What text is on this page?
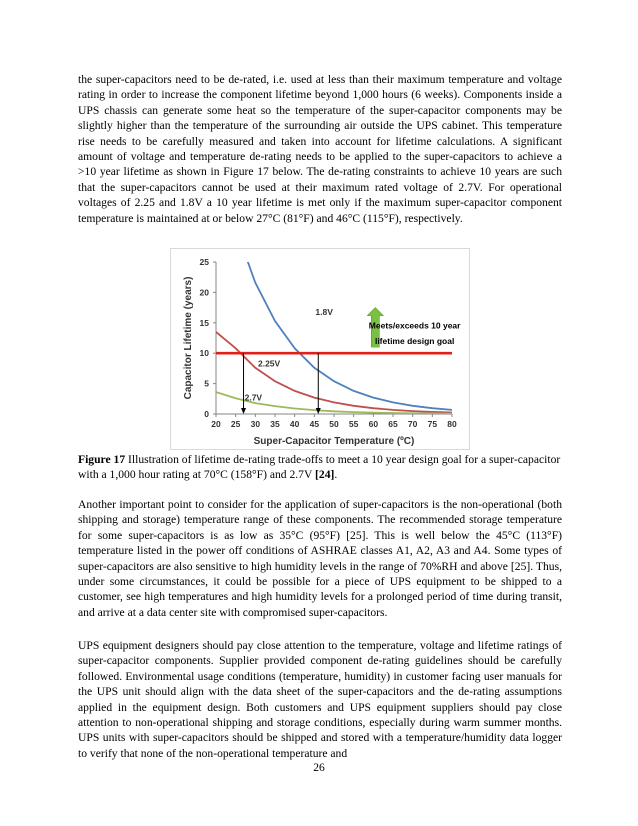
the super-capacitors need to be de-rated, i.e. used at less than their maximum temperature and voltage rating in order to increase the component lifetime beyond 1,000 hours (6 weeks). Components inside a UPS chassis can generate some heat so the temperature of the super-capacitor components may be slightly higher than the temperature of the surrounding air outside the UPS cabinet. This temperature rise needs to be carefully measured and taken into account for lifetime calculations. A significant amount of voltage and temperature de-rating needs to be applied to the super-capacitors to achieve a >10 year lifetime as shown in Figure 17 below. The de-rating constraints to achieve 10 years are such that the super-capacitors cannot be used at their maximum rated voltage of 2.7V. For operational voltages of 2.25 and 1.8V a 10 year lifetime is met only if the maximum super-capacitor component temperature is maintained at or below 27°C (81°F) and 46°C (115°F), respectively.

0
5
10
15
20
25
20 25 30 35 40 45 50 55 60 65 70 75 80
1.8V
2.25V
2.7V
Meets/exceeds 10 year
lifetime design goal
Capacitor Lifetime (years)
Super-Capacitor Temperature (ºC)

Figure 17 Illustration of lifetime de-rating trade-offs to meet a 10 year design goal for a super-capacitor with a 1,000 hour rating at 70°C (158°F) and 2.7V [24].

Another important point to consider for the application of super-capacitors is the non-operational (both shipping and storage) temperature range of these components. The recommended storage temperature for some super-capacitors is as low as 35°C (95°F) [25]. This is well below the 45°C (113°F) temperature listed in the power off conditions of ASHRAE classes A1, A2, A3 and A4. Some types of super-capacitors are also sensitive to high humidity levels in the range of 70%RH and above [25]. Thus, under some circumstances, it could be possible for a piece of UPS equipment to be shipped to a customer, see high temperatures and high humidity levels for a prolonged period of time during transit, and arrive at a data center site with compromised super-capacitors.

UPS equipment designers should pay close attention to the temperature, voltage and lifetime ratings of super-capacitor components. Supplier provided component de-rating guidelines should be carefully followed. Environmental usage conditions (temperature, humidity) in customer facing user manuals for the UPS unit should align with the data sheet of the super-capacitors and the de-rating assumptions applied in the equipment design. Both customers and UPS equipment suppliers should pay close attention to non-operational shipping and storage conditions, especially during warm summer months. UPS units with super-capacitors should be shipped and stored with a temperature/humidity data logger to verify that none of the non-operational temperature and

26
